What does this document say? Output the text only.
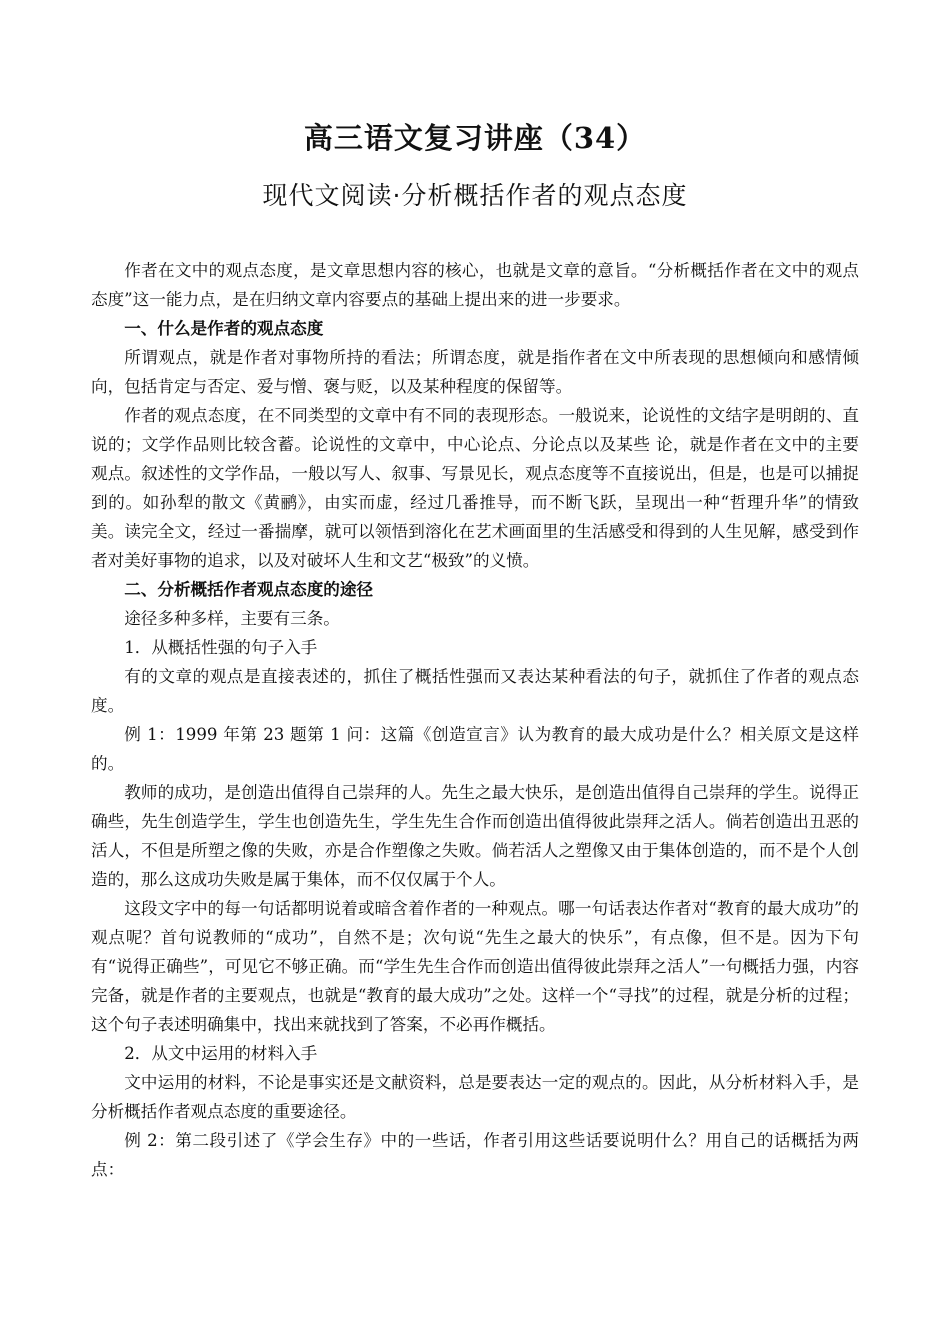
高三语文复习讲座（34）
现代文阅读·分析概括作者的观点态度

作者在文中的观点态度，是文章思想内容的核心，也就是文章的意旨。“分析概括作者在文中的观点态度”这一能力点，是在归纳文章内容要点的基础上提出来的进一步要求。

一、什么是作者的观点态度

所谓观点，就是作者对事物所持的看法；所谓态度，就是指作者在文中所表现的思想倾向和感情倾向，包括肯定与否定、爱与憎、褒与贬，以及某种程度的保留等。

作者的观点态度，在不同类型的文章中有不同的表现形态。一般说来，论说性的文结字是明朗的、直说的；文学作品则比较含蓄。论说性的文章中，中心论点、分论点以及某些 论，就是作者在文中的主要观点。叙述性的文学作品，一般以写人、叙事、写景见长，观点态度等不直接说出，但是，也是可以捕捉到的。如孙犁的散文《黄鹂》，由实而虚，经过几番推导，而不断飞跃，呈现出一种“哲理升华”的情致美。读完全文，经过一番揣摩，就可以领悟到溶化在艺术画面里的生活感受和得到的人生见解，感受到作者对美好事物的追求，以及对破坏人生和文艺“极致”的义愤。

二、分析概括作者观点态度的途径

途径多种多样，主要有三条。

1．从概括性强的句子入手

有的文章的观点是直接表述的，抓住了概括性强而又表达某种看法的句子，就抓住了作者的观点态度。

例 1：1999 年第 23 题第 1 问：这篇《创造宣言》认为教育的最大成功是什么？相关原文是这样的。

教师的成功，是创造出值得自己崇拜的人。先生之最大快乐，是创造出值得自己崇拜的学生。说得正确些，先生创造学生，学生也创造先生，学生先生合作而创造出值得彼此崇拜之活人。倘若创造出丑恶的活人，不但是所塑之像的失败，亦是合作塑像之失败。倘若活人之塑像又由于集体创造的，而不是个人创造的，那么这成功失败是属于集体，而不仅仅属于个人。

这段文字中的每一句话都明说着或暗含着作者的一种观点。哪一句话表达作者对“教育的最大成功”的观点呢？首句说教师的“成功”，自然不是；次句说“先生之最大的快乐”，有点像，但不是。因为下句有“说得正确些”，可见它不够正确。而“学生先生合作而创造出值得彼此崇拜之活人”一句概括力强，内容完备，就是作者的主要观点，也就是“教育的最大成功”之处。这样一个“寻找”的过程，就是分析的过程；这个句子表述明确集中，找出来就找到了答案，不必再作概括。

2．从文中运用的材料入手

文中运用的材料，不论是事实还是文献资料，总是要表达一定的观点的。因此，从分析材料入手，是分析概括作者观点态度的重要途径。

例 2：第二段引述了《学会生存》中的一些话，作者引用这些话要说明什么？用自己的话概括为两点：
